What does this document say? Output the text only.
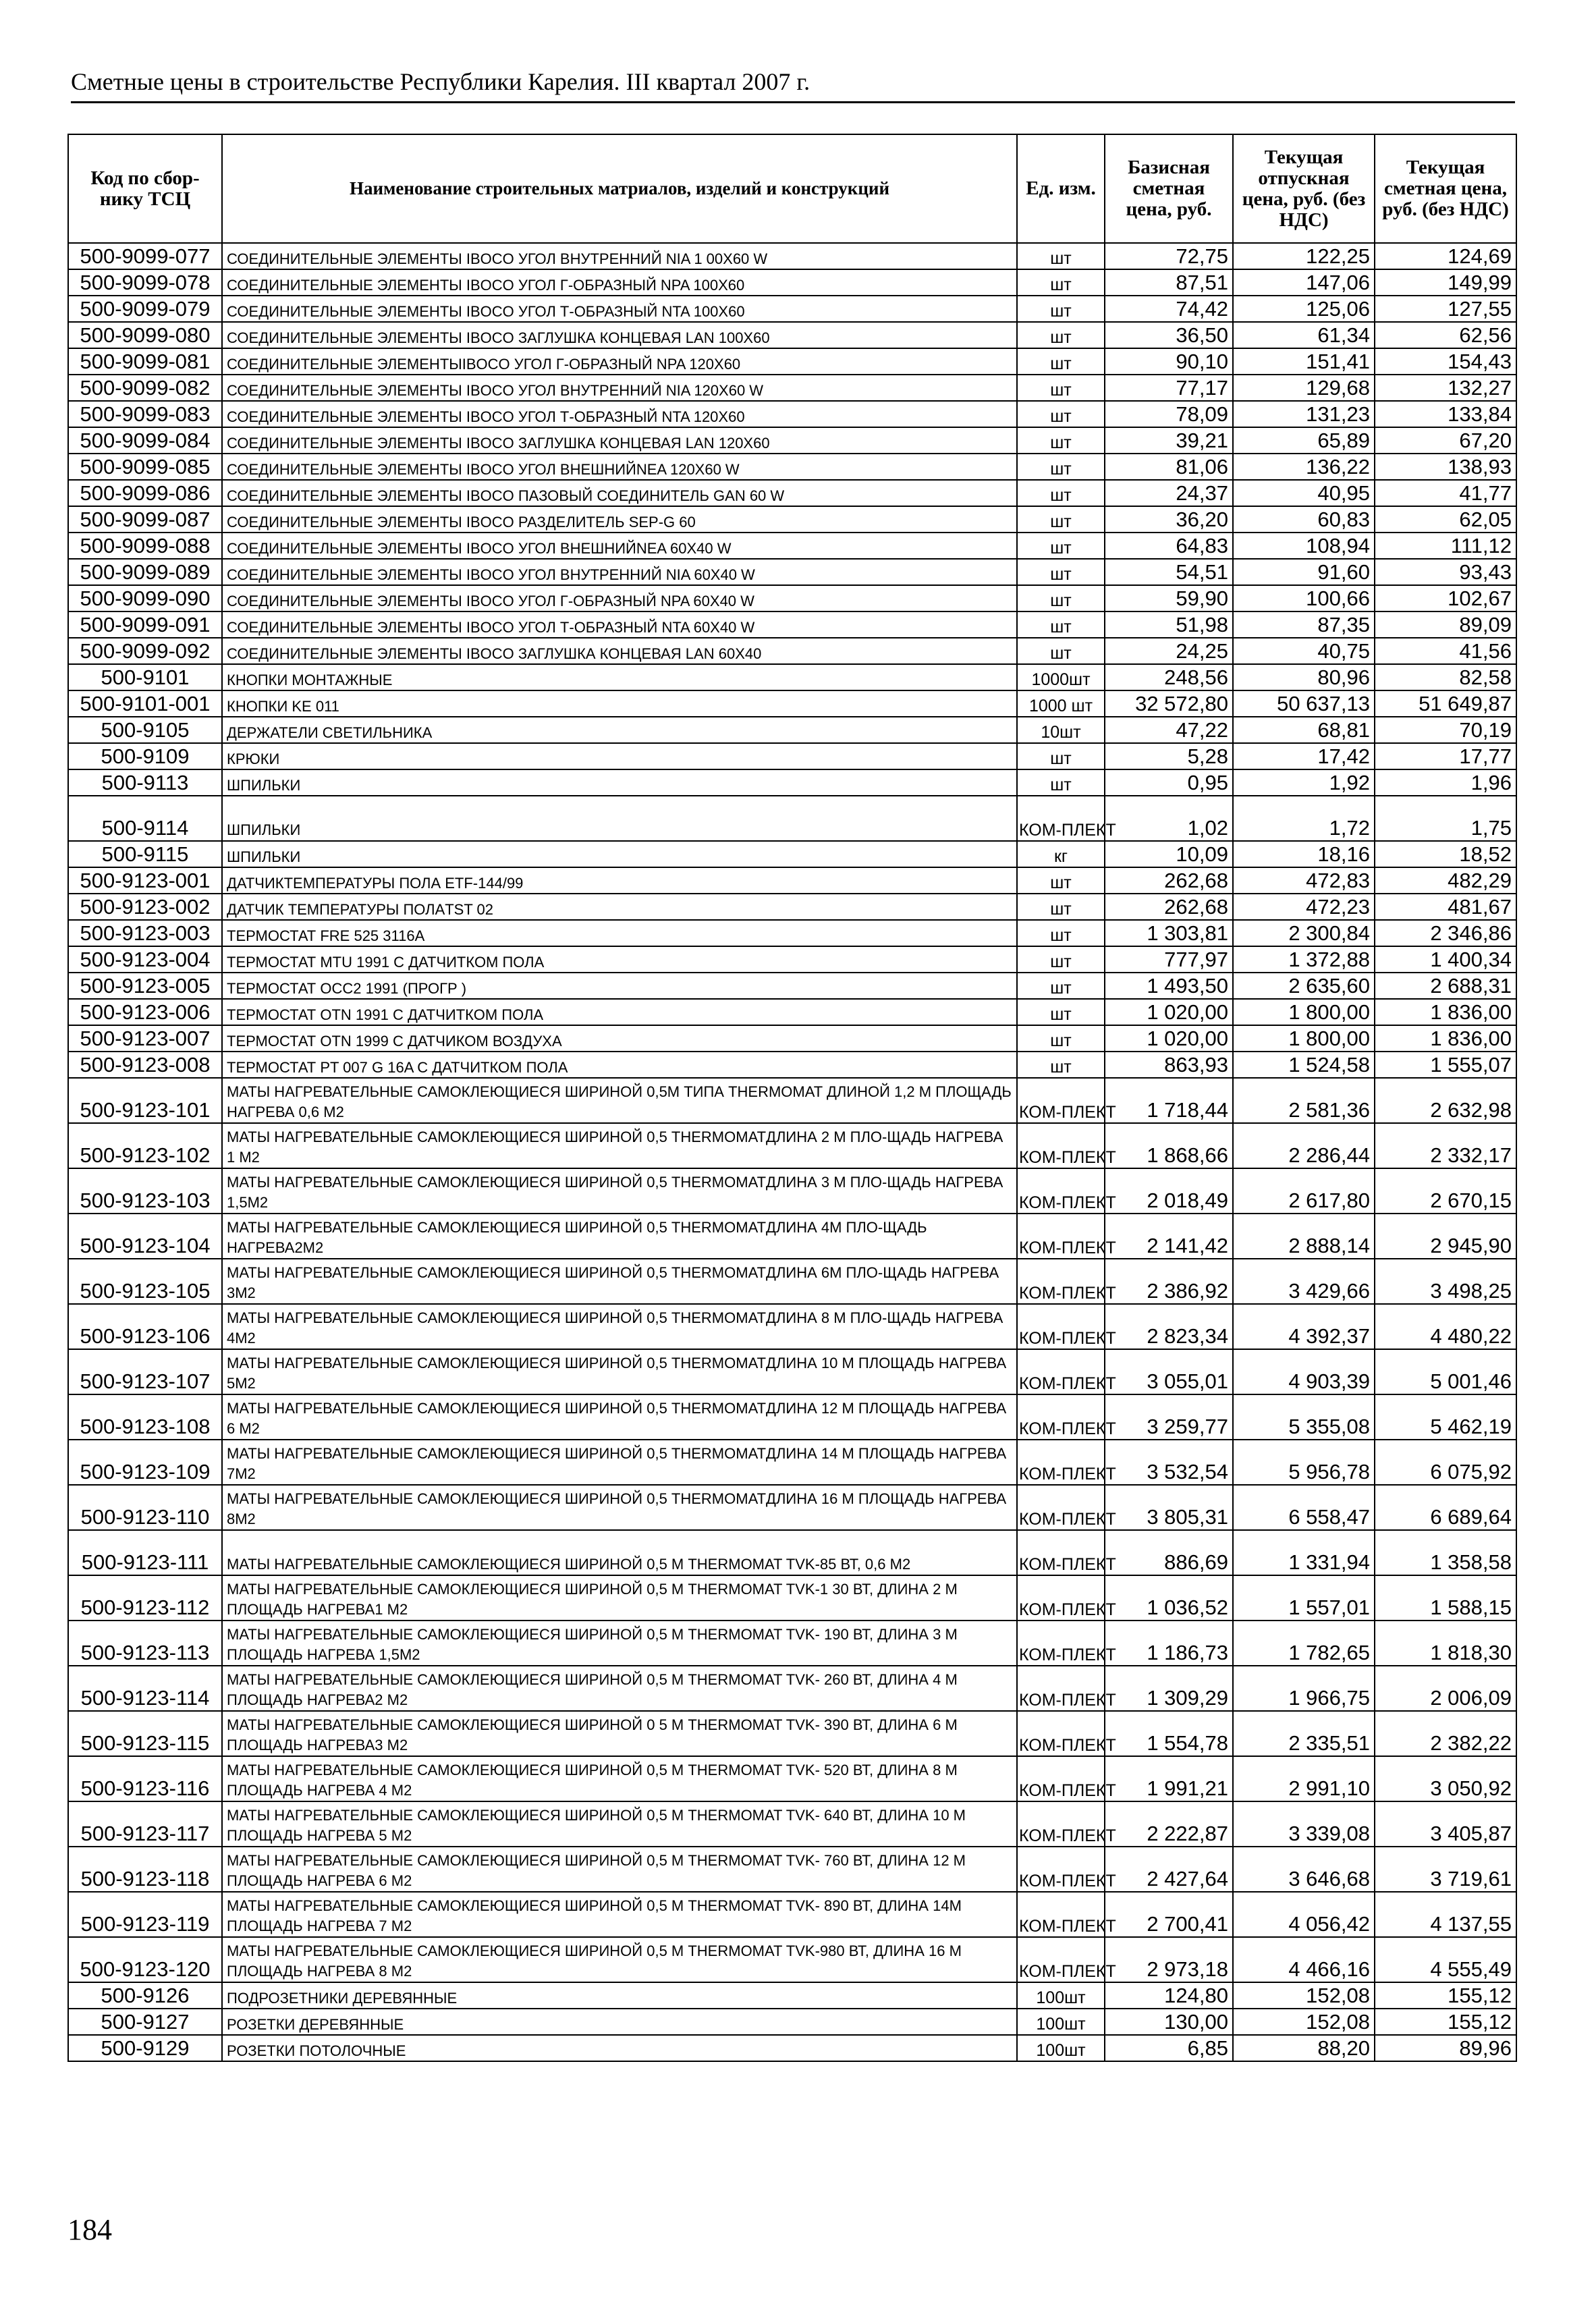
Сметные цены в строительстве Республики Карелия. III квартал 2007 г.
Код по сбор-нику ТСЦ	Наименование строительных матриалов, изделий и конструкций	Ед. изм.	Базисная сметная цена, руб.	Текущая отпускная цена, руб. (без НДС)	Текущая сметная цена, руб. (без НДС)
500-9099-077	СОЕДИНИТЕЛЬНЫЕ ЭЛЕМЕНТЫ IBOCO УГОЛ ВНУТРЕННИЙ NIA 1 00X60 W	шт	72,75	122,25	124,69
500-9099-078	СОЕДИНИТЕЛЬНЫЕ ЭЛЕМЕНТЫ IBOCO УГОЛ Г-ОБРАЗНЫЙ NPA 100X60	шт	87,51	147,06	149,99
500-9099-079	СОЕДИНИТЕЛЬНЫЕ ЭЛЕМЕНТЫ IBOCO УГОЛ Т-ОБРАЗНЫЙ NTA 100X60	шт	74,42	125,06	127,55
500-9099-080	СОЕДИНИТЕЛЬНЫЕ ЭЛЕМЕНТЫ IBOCO ЗАГЛУШКА КОНЦЕВАЯ LAN 100X60	шт	36,50	61,34	62,56
500-9099-081	СОЕДИНИТЕЛЬНЫЕ ЭЛЕМЕНТЫIBOCO УГОЛ Г-ОБРАЗНЫЙ NPA 120X60	шт	90,10	151,41	154,43
500-9099-082	СОЕДИНИТЕЛЬНЫЕ ЭЛЕМЕНТЫ IBOCO УГОЛ ВНУТРЕННИЙ NIA 120X60 W	шт	77,17	129,68	132,27
500-9099-083	СОЕДИНИТЕЛЬНЫЕ ЭЛЕМЕНТЫ IBOCO УГОЛ Т-ОБРАЗНЫЙ NTA 120X60	шт	78,09	131,23	133,84
500-9099-084	СОЕДИНИТЕЛЬНЫЕ ЭЛЕМЕНТЫ IBOCO ЗАГЛУШКА КОНЦЕВАЯ LAN 120X60	шт	39,21	65,89	67,20
500-9099-085	СОЕДИНИТЕЛЬНЫЕ ЭЛЕМЕНТЫ IBOCO УГОЛ ВНЕШНИЙNEA 120X60 W	шт	81,06	136,22	138,93
500-9099-086	СОЕДИНИТЕЛЬНЫЕ ЭЛЕМЕНТЫ IBOCO ПАЗОВЫЙ СОЕДИНИТЕЛЬ GAN 60 W	шт	24,37	40,95	41,77
500-9099-087	СОЕДИНИТЕЛЬНЫЕ ЭЛЕМЕНТЫ IBOCO РАЗДЕЛИТЕЛЬ SEP-G 60	шт	36,20	60,83	62,05
500-9099-088	СОЕДИНИТЕЛЬНЫЕ ЭЛЕМЕНТЫ IBOCO УГОЛ ВНЕШНИЙNEA 60X40 W	шт	64,83	108,94	111,12
500-9099-089	СОЕДИНИТЕЛЬНЫЕ ЭЛЕМЕНТЫ IBOCO УГОЛ ВНУТРЕННИЙ NIA 60X40 W	шт	54,51	91,60	93,43
500-9099-090	СОЕДИНИТЕЛЬНЫЕ ЭЛЕМЕНТЫ IBOCO УГОЛ Г-ОБРАЗНЫЙ NPA 60X40 W	шт	59,90	100,66	102,67
500-9099-091	СОЕДИНИТЕЛЬНЫЕ ЭЛЕМЕНТЫ IBOCO УГОЛ Т-ОБРАЗНЫЙ NTA 60X40 W	шт	51,98	87,35	89,09
500-9099-092	СОЕДИНИТЕЛЬНЫЕ ЭЛЕМЕНТЫ IBOCO ЗАГЛУШКА КОНЦЕВАЯ LAN 60X40	шт	24,25	40,75	41,56
500-9101	КНОПКИ МОНТАЖНЫЕ	1000шт	248,56	80,96	82,58
500-9101-001	КНОПКИ KE 011	1000 шт	32 572,80	50 637,13	51 649,87
500-9105	ДЕРЖАТЕЛИ СВЕТИЛЬНИКА	10шт	47,22	68,81	70,19
500-9109	КРЮКИ	шт	5,28	17,42	17,77
500-9113	ШПИЛЬКИ	шт	0,95	1,92	1,96
500-9114	ШПИЛЬКИ	КОМ-ПЛЕКТ	1,02	1,72	1,75
500-9115	ШПИЛЬКИ	кг	10,09	18,16	18,52
500-9123-001	ДАТЧИКТЕМПЕРАТУРЫ ПОЛА ETF-144/99	шт	262,68	472,83	482,29
500-9123-002	ДАТЧИК ТЕМПЕРАТУРЫ ПОЛАTST 02	шт	262,68	472,23	481,67
500-9123-003	ТЕРМОСТАТ FRE 525 3116A	шт	1 303,81	2 300,84	2 346,86
500-9123-004	ТЕРМОСТАТ MTU 1991 С ДАТЧИТКОМ ПОЛА	шт	777,97	1 372,88	1 400,34
500-9123-005	ТЕРМОСТАТ OCC2 1991 (ПРОГР )	шт	1 493,50	2 635,60	2 688,31
500-9123-006	ТЕРМОСТАТ OTN 1991 С ДАТЧИТКОМ ПОЛА	шт	1 020,00	1 800,00	1 836,00
500-9123-007	ТЕРМОСТАТ OTN 1999 С ДАТЧИКОМ ВОЗДУХА	шт	1 020,00	1 800,00	1 836,00
500-9123-008	ТЕРМОСТАТ PT 007 G 16A С ДАТЧИТКОМ ПОЛА	шт	863,93	1 524,58	1 555,07
500-9123-101	МАТЫ НАГРЕВАТЕЛЬНЫЕ САМОКЛЕЮЩИЕСЯ ШИРИНОЙ 0,5М ТИПА THERMOMAT ДЛИНОЙ 1,2 М ПЛОЩАДЬ НАГРЕВА 0,6 М2	КОМ-ПЛЕКТ	1 718,44	2 581,36	2 632,98
500-9123-102	МАТЫ НАГРЕВАТЕЛЬНЫЕ САМОКЛЕЮЩИЕСЯ ШИРИНОЙ 0,5 THERMOMATДЛИНА 2 М ПЛО-ЩАДЬ НАГРЕВА 1 М2	КОМ-ПЛЕКТ	1 868,66	2 286,44	2 332,17
500-9123-103	МАТЫ НАГРЕВАТЕЛЬНЫЕ САМОКЛЕЮЩИЕСЯ ШИРИНОЙ 0,5 THERMOMATДЛИНА 3 М ПЛО-ЩАДЬ НАГРЕВА 1,5М2	КОМ-ПЛЕКТ	2 018,49	2 617,80	2 670,15
500-9123-104	МАТЫ НАГРЕВАТЕЛЬНЫЕ САМОКЛЕЮЩИЕСЯ ШИРИНОЙ 0,5 THERMOMATДЛИНА 4М ПЛО-ЩАДЬ НАГРЕВА2М2	КОМ-ПЛЕКТ	2 141,42	2 888,14	2 945,90
500-9123-105	МАТЫ НАГРЕВАТЕЛЬНЫЕ САМОКЛЕЮЩИЕСЯ ШИРИНОЙ 0,5 THERMOMATДЛИНА 6М ПЛО-ЩАДЬ НАГРЕВА 3М2	КОМ-ПЛЕКТ	2 386,92	3 429,66	3 498,25
500-9123-106	МАТЫ НАГРЕВАТЕЛЬНЫЕ САМОКЛЕЮЩИЕСЯ ШИРИНОЙ 0,5 THERMOMATДЛИНА 8 М ПЛО-ЩАДЬ НАГРЕВА 4М2	КОМ-ПЛЕКТ	2 823,34	4 392,37	4 480,22
500-9123-107	МАТЫ НАГРЕВАТЕЛЬНЫЕ САМОКЛЕЮЩИЕСЯ ШИРИНОЙ 0,5 THERMOMATДЛИНА 10 М ПЛОЩАДЬ НАГРЕВА 5М2	КОМ-ПЛЕКТ	3 055,01	4 903,39	5 001,46
500-9123-108	МАТЫ НАГРЕВАТЕЛЬНЫЕ САМОКЛЕЮЩИЕСЯ ШИРИНОЙ 0,5 THERMOMATДЛИНА 12 М ПЛОЩАДЬ НАГРЕВА 6 М2	КОМ-ПЛЕКТ	3 259,77	5 355,08	5 462,19
500-9123-109	МАТЫ НАГРЕВАТЕЛЬНЫЕ САМОКЛЕЮЩИЕСЯ ШИРИНОЙ 0,5 THERMOMATДЛИНА 14 М ПЛОЩАДЬ НАГРЕВА 7М2	КОМ-ПЛЕКТ	3 532,54	5 956,78	6 075,92
500-9123-110	МАТЫ НАГРЕВАТЕЛЬНЫЕ САМОКЛЕЮЩИЕСЯ ШИРИНОЙ 0,5 THERMOMATДЛИНА 16 М ПЛОЩАДЬ НАГРЕВА 8М2	КОМ-ПЛЕКТ	3 805,31	6 558,47	6 689,64
500-9123-111	МАТЫ НАГРЕВАТЕЛЬНЫЕ САМОКЛЕЮЩИЕСЯ ШИРИНОЙ 0,5 М THERMOMAT TVK-85 ВТ, 0,6 М2	КОМ-ПЛЕКТ	886,69	1 331,94	1 358,58
500-9123-112	МАТЫ НАГРЕВАТЕЛЬНЫЕ САМОКЛЕЮЩИЕСЯ ШИРИНОЙ 0,5 М THERMOMAT TVK-1 30 ВТ, ДЛИНА 2 М ПЛОЩАДЬ НАГРЕВА1 М2	КОМ-ПЛЕКТ	1 036,52	1 557,01	1 588,15
500-9123-113	МАТЫ НАГРЕВАТЕЛЬНЫЕ САМОКЛЕЮЩИЕСЯ ШИРИНОЙ 0,5 М THERMOMAT TVK- 190 ВТ, ДЛИНА 3 М ПЛОЩАДЬ НАГРЕВА 1,5М2	КОМ-ПЛЕКТ	1 186,73	1 782,65	1 818,30
500-9123-114	МАТЫ НАГРЕВАТЕЛЬНЫЕ САМОКЛЕЮЩИЕСЯ ШИРИНОЙ 0,5 М THERMOMAT TVK- 260 ВТ, ДЛИНА 4 М ПЛОЩАДЬ НАГРЕВА2 М2	КОМ-ПЛЕКТ	1 309,29	1 966,75	2 006,09
500-9123-115	МАТЫ НАГРЕВАТЕЛЬНЫЕ САМОКЛЕЮЩИЕСЯ ШИРИНОЙ 0 5 М THERMOMAT TVK- 390 ВТ, ДЛИНА 6 М ПЛОЩАДЬ НАГРЕВА3 М2	КОМ-ПЛЕКТ	1 554,78	2 335,51	2 382,22
500-9123-116	МАТЫ НАГРЕВАТЕЛЬНЫЕ САМОКЛЕЮЩИЕСЯ ШИРИНОЙ 0,5 М THERMOMAT TVK- 520 ВТ, ДЛИНА 8 М ПЛОЩАДЬ НАГРЕВА 4 М2	КОМ-ПЛЕКТ	1 991,21	2 991,10	3 050,92
500-9123-117	МАТЫ НАГРЕВАТЕЛЬНЫЕ САМОКЛЕЮЩИЕСЯ ШИРИНОЙ 0,5 М THERMOMAT TVK- 640 ВТ, ДЛИНА 10 М ПЛОЩАДЬ НАГРЕВА 5 М2	КОМ-ПЛЕКТ	2 222,87	3 339,08	3 405,87
500-9123-118	МАТЫ НАГРЕВАТЕЛЬНЫЕ САМОКЛЕЮЩИЕСЯ ШИРИНОЙ 0,5 М THERMOMAT TVK- 760 ВТ, ДЛИНА 12 М ПЛОЩАДЬ НАГРЕВА 6 М2	КОМ-ПЛЕКТ	2 427,64	3 646,68	3 719,61
500-9123-119	МАТЫ НАГРЕВАТЕЛЬНЫЕ САМОКЛЕЮЩИЕСЯ ШИРИНОЙ 0,5 М THERMOMAT TVK- 890 ВТ, ДЛИНА 14М ПЛОЩАДЬ НАГРЕВА 7 М2	КОМ-ПЛЕКТ	2 700,41	4 056,42	4 137,55
500-9123-120	МАТЫ НАГРЕВАТЕЛЬНЫЕ САМОКЛЕЮЩИЕСЯ ШИРИНОЙ 0,5 М THERMOMAT TVK-980 ВТ, ДЛИНА 16 М ПЛОЩАДЬ НАГРЕВА 8 М2	КОМ-ПЛЕКТ	2 973,18	4 466,16	4 555,49
500-9126	ПОДРОЗЕТНИКИ ДЕРЕВЯННЫЕ	100шт	124,80	152,08	155,12
500-9127	РОЗЕТКИ ДЕРЕВЯННЫЕ	100шт	130,00	152,08	155,12
500-9129	РОЗЕТКИ ПОТОЛОЧНЫЕ	100шт	6,85	88,20	89,96
184
